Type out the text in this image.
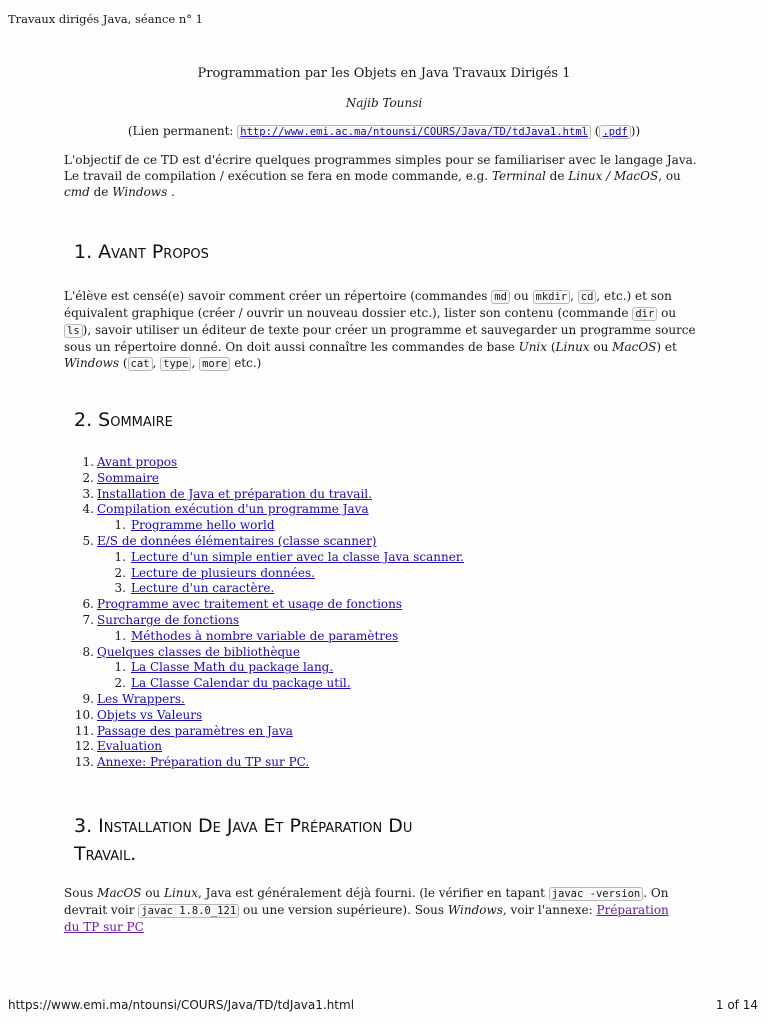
Travaux dirigés Java, séance n° 1
Programmation par les Objets en Java Travaux Dirigés 1
Najib Tounsi
(Lien permanent: http://www.emi.ac.ma/ntounsi/COURS/Java/TD/tdJava1.html ( .pdf ))
L'objectif de ce TD est d'écrire quelques programmes simples pour se familiariser avec le langage Java.
Le travail de compilation / exécution se fera en mode commande, e.g. Terminal de Linux / MacOS, ou
cmd de Windows .
1. Avant Propos
L'élève est censé(e) savoir comment créer un répertoire (commandes md ou mkdir , cd , etc.) et son
équivalent graphique (créer / ouvrir un nouveau dossier etc.), lister son contenu (commande dir ou
ls ), savoir utiliser un éditeur de texte pour créer un programme et sauvegarder un programme source
sous un répertoire donné. On doit aussi connaître les commandes de base Unix (Linux ou MacOS) et
Windows ( cat , type , more etc.)
2. Sommaire
1. Avant propos
2. Sommaire
3. Installation de Java et préparation du travail.
4. Compilation exécution d'un programme Java
1. Programme hello world
5. E/S de données élémentaires (classe scanner)
1. Lecture d'un simple entier avec la classe Java scanner.
2. Lecture de plusieurs données.
3. Lecture d'un caractère.
6. Programme avec traitement et usage de fonctions
7. Surcharge de fonctions
1. Méthodes à nombre variable de paramètres
8. Quelques classes de bibliothèque
1. La Classe Math du package lang.
2. La Classe Calendar du package util.
9. Les Wrappers.
10. Objets vs Valeurs
11. Passage des paramètres en Java
12. Evaluation
13. Annexe: Préparation du TP sur PC.
3. Installation De Java Et Préparation Du
Travail.
Sous MacOS ou Linux, Java est généralement déjà fourni. (le vérifier en tapant javac -version . On
devrait voir javac 1.8.0_121 ou une version supérieure). Sous Windows, voir l'annexe: Préparation
du TP sur PC
https://www.emi.ma/ntounsi/COURS/Java/TD/tdJava1.html	1 of 14
